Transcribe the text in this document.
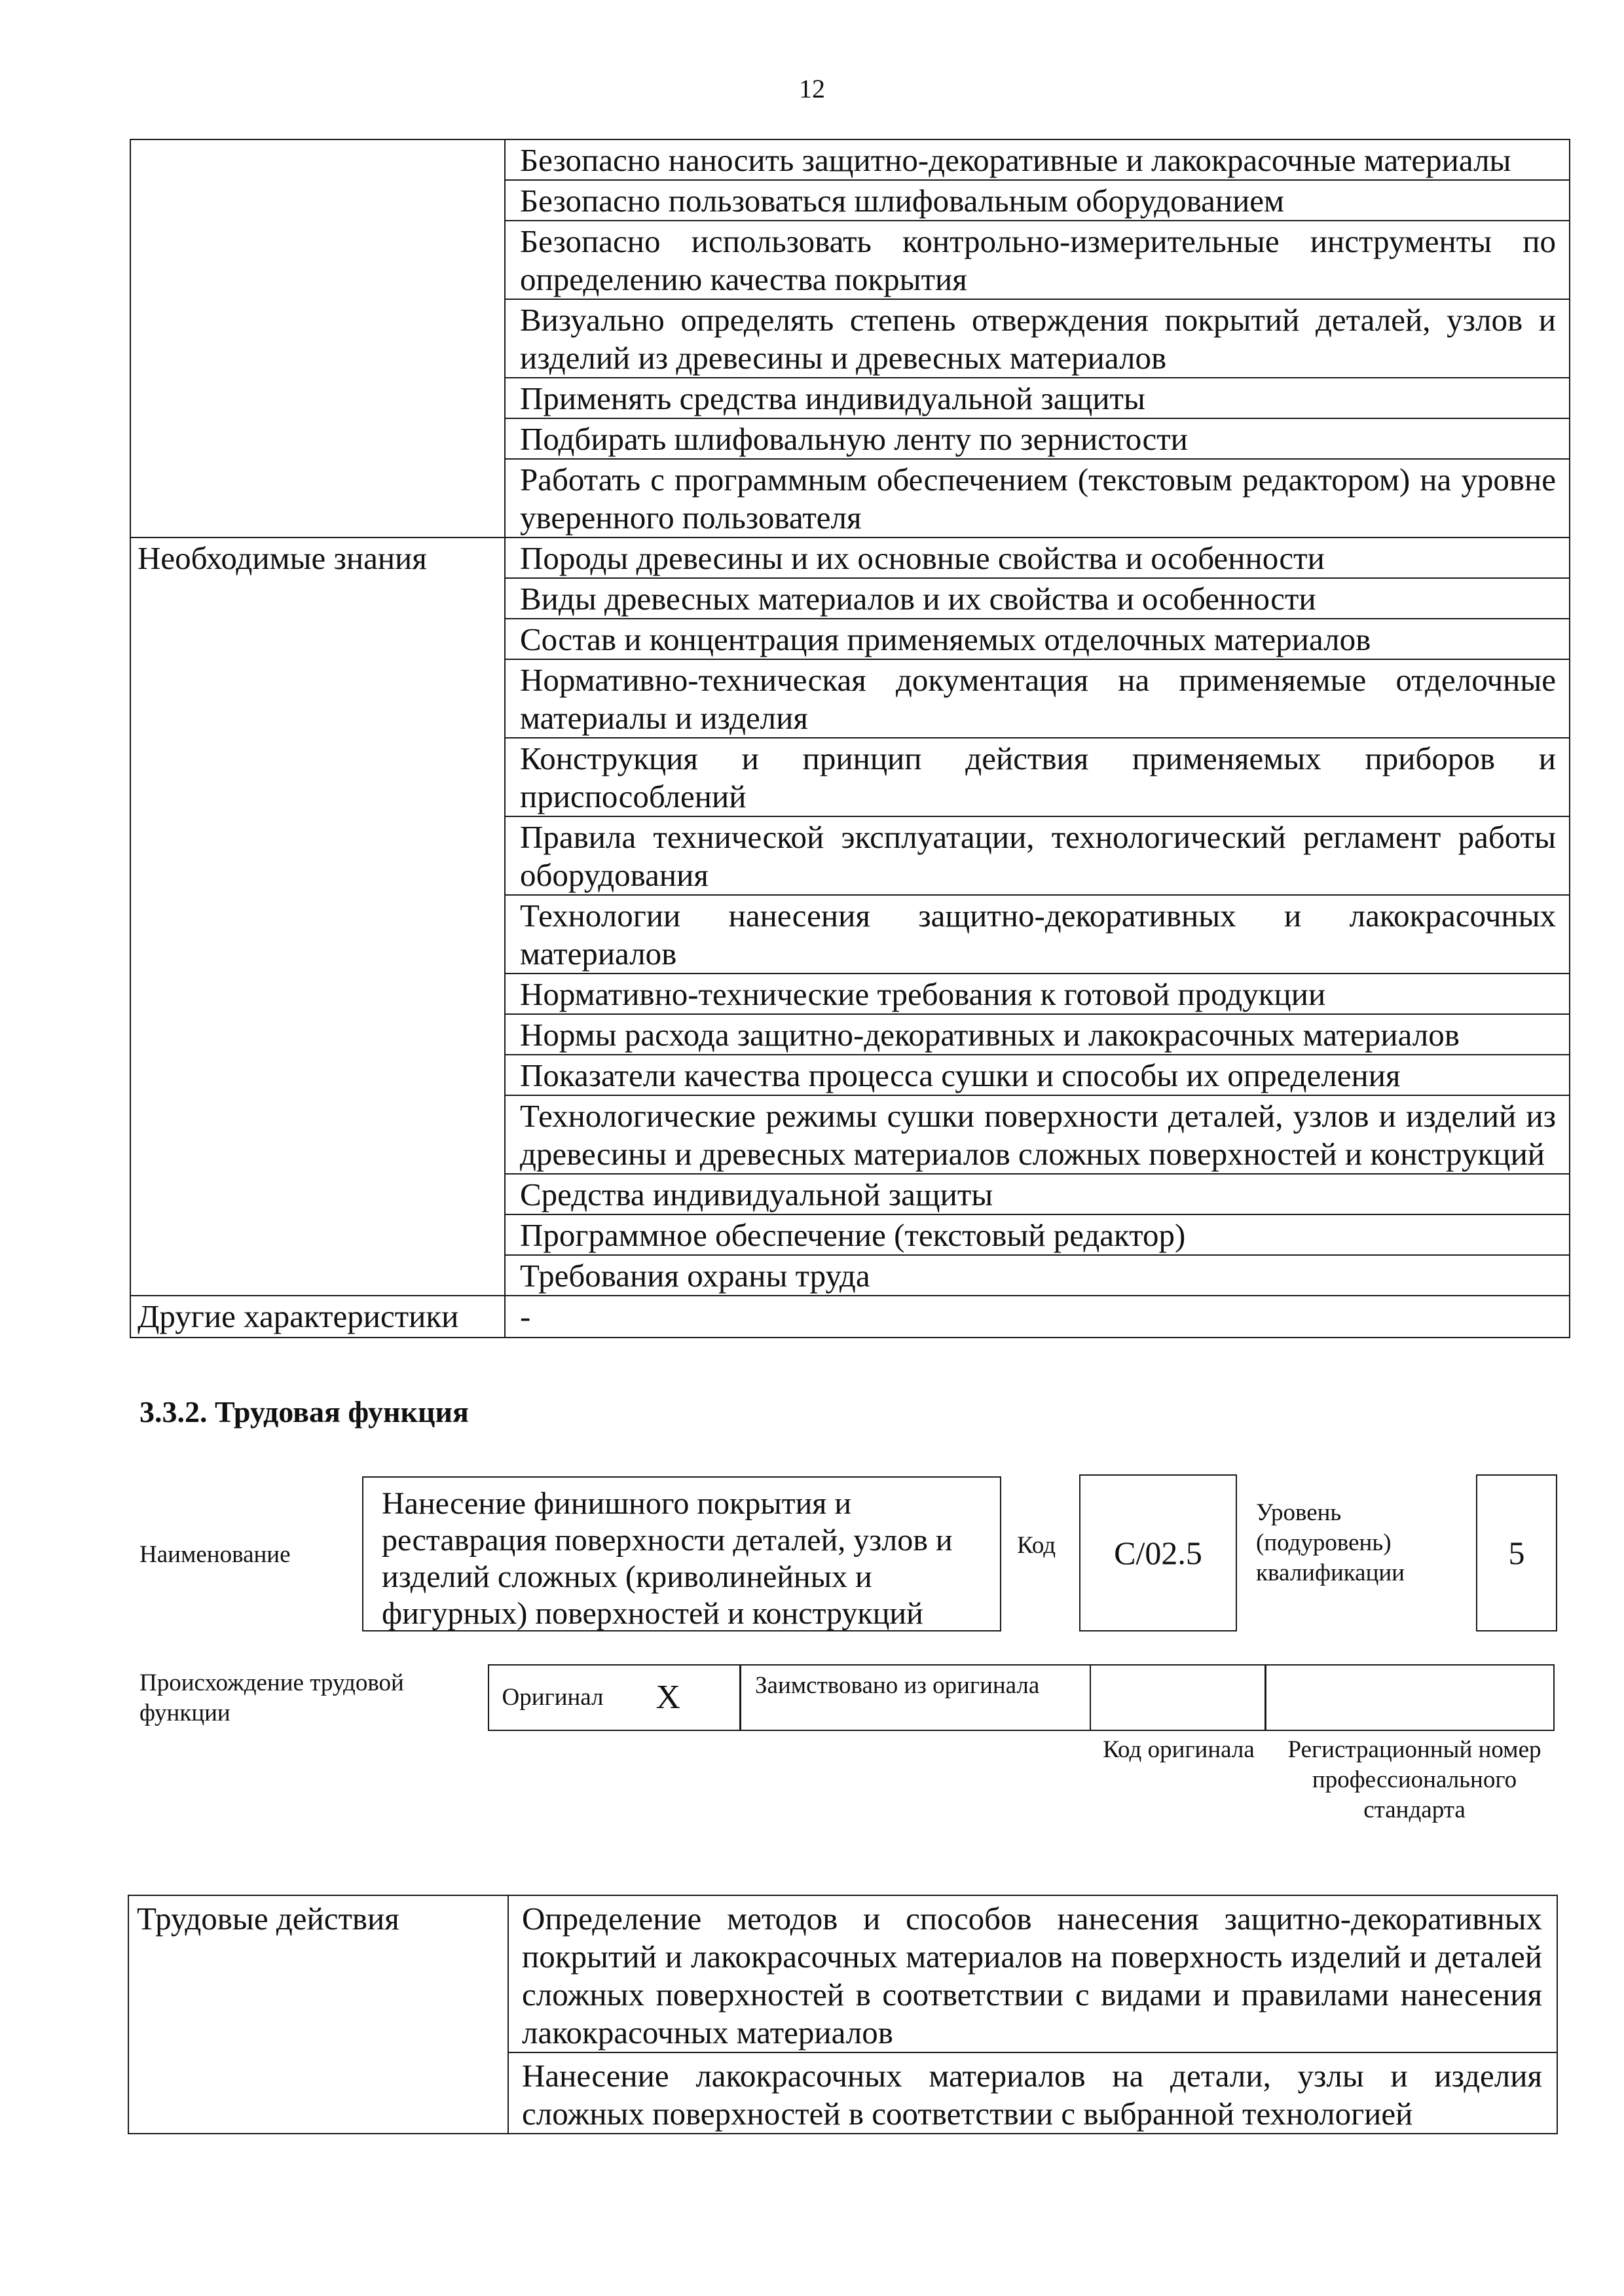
12
	Безопасно наносить защитно-декоративные и лакокрасочные материалы
	Безопасно пользоваться шлифовальным оборудованием
	Безопасно использовать контрольно-измерительные инструменты по определению качества покрытия
	Визуально определять степень отверждения покрытий деталей, узлов и изделий из древесины и древесных материалов
	Применять средства индивидуальной защиты
	Подбирать шлифовальную ленту по зернистости
	Работать с программным обеспечением (текстовым редактором) на уровне уверенного пользователя
Необходимые знания	Породы древесины и их основные свойства и особенности
	Виды древесных материалов и их свойства и особенности
	Состав и концентрация применяемых отделочных материалов
	Нормативно-техническая документация на применяемые отделочные материалы и изделия
	Конструкция и принцип действия применяемых приборов и приспособлений
	Правила технической эксплуатации, технологический регламент работы оборудования
	Технологии нанесения защитно-декоративных и лакокрасочных материалов
	Нормативно-технические требования к готовой продукции
	Нормы расхода защитно-декоративных и лакокрасочных материалов
	Показатели качества процесса сушки и способы их определения
	Технологические режимы сушки поверхности деталей, узлов и изделий из древесины и древесных материалов сложных поверхностей и конструкций
	Средства индивидуальной защиты
	Программное обеспечение (текстовый редактор)
	Требования охраны труда
Другие характеристики	-
3.3.2. Трудовая функция
Наименование
Нанесение финишного покрытия и реставрация поверхности деталей, узлов и изделий сложных (криволинейных и фигурных) поверхностей и конструкций
Код	C/02.5
Уровень (подуровень) квалификации
5
Происхождение трудовой функции
Оригинал X	Заимствовано из оригинала
Код оригинала	Регистрационный номер профессионального стандарта
Трудовые действия	Определение методов и способов нанесения защитно-декоративных покрытий и лакокрасочных материалов на поверхность изделий и деталей сложных поверхностей в соответствии с видами и правилами нанесения лакокрасочных материалов
Нанесение лакокрасочных материалов на детали, узлы и изделия сложных поверхностей в соответствии с выбранной технологией
